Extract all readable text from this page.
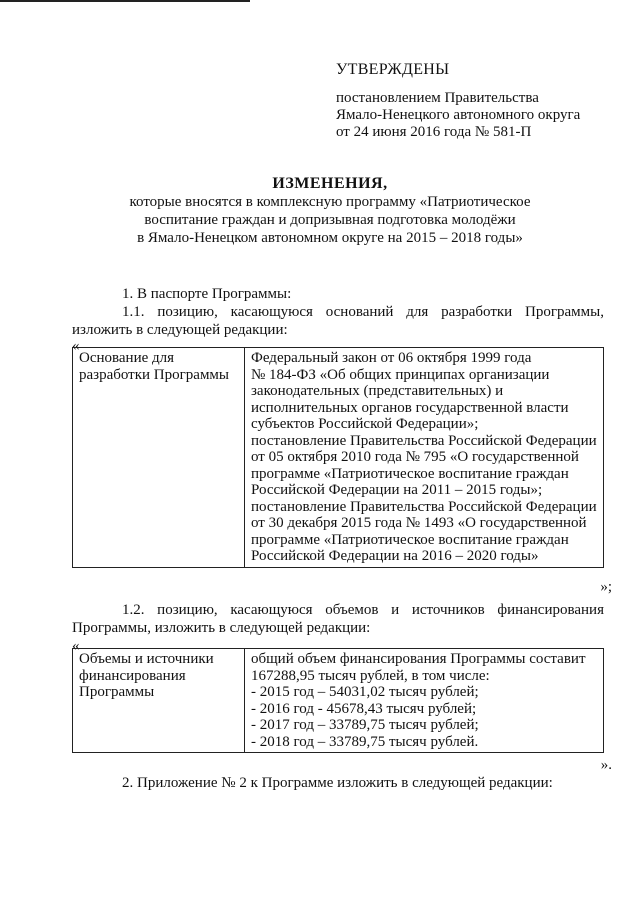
УТВЕРЖДЕНЫ
постановлением Правительства
Ямало-Ненецкого автономного округа
от 24 июня 2016 года № 581-П
ИЗМЕНЕНИЯ,
которые вносятся в комплексную программу «Патриотическое
воспитание граждан и допризывная подготовка молодёжи
в Ямало-Ненецком автономном округе на 2015 – 2018 годы»
1. В паспорте Программы:
1.1. позицию, касающуюся оснований для разработки Программы, изложить в следующей редакции:
«
Основание для
разработки Программы

Федеральный закон от 06 октября 1999 года
№ 184-ФЗ «Об общих принципах организации
законодательных (представительных) и
исполнительных органов государственной власти
субъектов Российской Федерации»;
постановление Правительства Российской Федерации
от 05 октября 2010 года № 795 «О государственной
программе «Патриотическое воспитание граждан
Российской Федерации на 2011 – 2015 годы»;
постановление Правительства Российской Федерации
от 30 декабря 2015 года № 1493 «О государственной
программе «Патриотическое воспитание граждан
Российской Федерации на 2016 – 2020 годы»
»;
1.2. позицию, касающуюся объемов и источников финансирования Программы, изложить в следующей редакции:
«
Объемы и источники
финансирования
Программы

общий объем финансирования Программы составит
167288,95 тысяч рублей, в том числе:
- 2015 год – 54031,02 тысяч рублей;
- 2016 год - 45678,43 тысяч рублей;
- 2017 год – 33789,75 тысяч рублей;
- 2018 год – 33789,75 тысяч рублей.
».
2. Приложение № 2 к Программе изложить в следующей редакции:
